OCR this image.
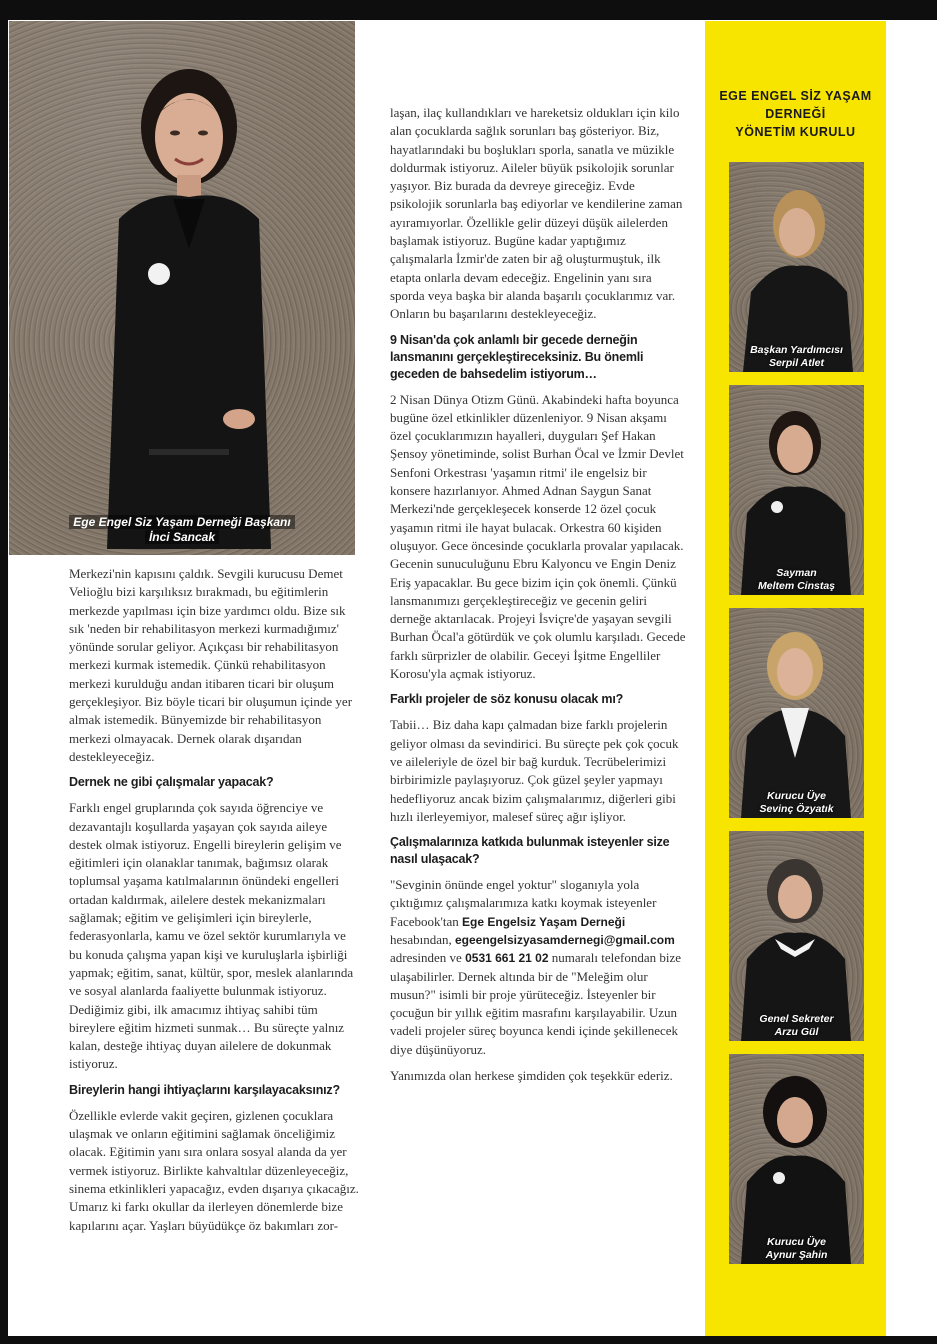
Ege Engel Siz Yaşam Derneği Başkanı
İnci Sancak

Merkezi'nin kapısını çaldık. Sevgili kurucusu Demet Velioğlu bizi karşılıksız bırakmadı, bu eğitimlerin merkezde yapılması için bize yardımcı oldu. Bize sık sık 'neden bir rehabilitasyon merkezi kurmadığımız' yönünde sorular geliyor. Açıkçası bir rehabilitasyon merkezi kurmak istemedik. Çünkü rehabilitasyon merkezi kurulduğu andan itibaren ticari bir oluşum gerçekleşiyor. Biz böyle ticari bir oluşumun içinde yer almak istemedik. Bünyemizde bir rehabilitasyon merkezi olmayacak. Dernek olarak dışarıdan destekleyeceğiz.

Dernek ne gibi çalışmalar yapacak?

Farklı engel gruplarında çok sayıda öğrenciye ve dezavantajlı koşullarda yaşayan çok sayıda aileye destek olmak istiyoruz. Engelli bireylerin gelişim ve eğitimleri için olanaklar tanımak, bağımsız olarak toplumsal yaşama katılmalarının önündeki engelleri ortadan kaldırmak, ailelere destek mekanizmaları sağlamak; eğitim ve gelişimleri için bireylerle, federasyonlarla, kamu ve özel sektör kurumlarıyla ve bu konuda çalışma yapan kişi ve kuruluşlarla işbirliği yapmak; eğitim, sanat, kültür, spor, meslek alanlarında ve sosyal alanlarda faaliyette bulunmak istiyoruz. Dediğimiz gibi, ilk amacımız ihtiyaç sahibi tüm bireylere eğitim hizmeti sunmak… Bu süreçte yalnız kalan, desteğe ihtiyaç duyan ailelere de dokunmak istiyoruz.

Bireylerin hangi ihtiyaçlarını karşılayacaksınız?

Özellikle evlerde vakit geçiren, gizlenen çocuklara ulaşmak ve onların eğitimini sağlamak önceliğimiz olacak. Eğitimin yanı sıra onlara sosyal alanda da yer vermek istiyoruz. Birlikte kahvaltılar düzenleyeceğiz, sinema etkinlikleri yapacağız, evden dışarıya çıkacağız. Umarız ki farkı okullar da ilerleyen dönemlerde bize kapılarını açar. Yaşları büyüdükçe öz bakımları zor-

laşan, ilaç kullandıkları ve hareketsiz oldukları için kilo alan çocuklarda sağlık sorunları baş gösteriyor. Biz, hayatlarındaki bu boşlukları sporla, sanatla ve müzikle doldurmak istiyoruz. Aileler büyük psikolojik sorunlar yaşıyor. Biz burada da devreye gireceğiz. Evde psikolojik sorunlarla baş ediyorlar ve kendilerine zaman ayıramıyorlar. Özellikle gelir düzeyi düşük ailelerden başlamak istiyoruz. Bugüne kadar yaptığımız çalışmalarla İzmir'de zaten bir ağ oluşturmuştuk, ilk etapta onlarla devam edeceğiz. Engelinin yanı sıra sporda veya başka bir alanda başarılı çocuklarımız var. Onların bu başarılarını destekleyeceğiz.

9 Nisan'da çok anlamlı bir gecede derneğin lansmanını gerçekleştireceksiniz. Bu önemli geceden de bahsedelim istiyorum…

2 Nisan Dünya Otizm Günü. Akabindeki hafta boyunca bugüne özel etkinlikler düzenleniyor. 9 Nisan akşamı özel çocuklarımızın hayalleri, duyguları Şef Hakan Şensoy yönetiminde, solist Burhan Öcal ve İzmir Devlet Senfoni Orkestrası 'yaşamın ritmi' ile engelsiz bir konsere hazırlanıyor. Ahmed Adnan Saygun Sanat Merkezi'nde gerçekleşecek konserde 12 özel çocuk yaşamın ritmi ile hayat bulacak. Orkestra 60 kişiden oluşuyor. Gece öncesinde çocuklarla provalar yapılacak. Gecenin sunuculuğunu Ebru Kalyoncu ve Engin Deniz Eriş yapacaklar. Bu gece bizim için çok önemli. Çünkü lansmanımızı gerçekleştireceğiz ve gecenin geliri derneğe aktarılacak. Projeyi İsviçre'de yaşayan sevgili Burhan Öcal'a götürdük ve çok olumlu karşıladı. Gecede farklı sürprizler de olabilir. Geceyi İşitme Engelliler Korosu'yla açmak istiyoruz.

Farklı projeler de söz konusu olacak mı?

Tabii… Biz daha kapı çalmadan bize farklı projelerin geliyor olması da sevindirici. Bu süreçte pek çok çocuk ve aileleriyle de özel bir bağ kurduk. Tecrübelerimizi birbirimizle paylaşıyoruz. Çok güzel şeyler yapmayı hedefliyoruz ancak bizim çalışmalarımız, diğerleri gibi hızlı ilerleyemiyor, malesef süreç ağır işliyor.

Çalışmalarınıza katkıda bulunmak isteyenler size nasıl ulaşacak?

"Sevginin önünde engel yoktur" sloganıyla yola çıktığımız çalışmalarımıza katkı koymak isteyenler Facebook'tan Ege Engelsiz Yaşam Derneği hesabından, egeengelsizyasamdernegi@gmail.com adresinden ve 0531 661 21 02 numaralı telefondan bize ulaşabilirler. Dernek altında bir de "Meleğim olur musun?" isimli bir proje yürüteceğiz. İsteyenler bir çocuğun bir yıllık eğitim masrafını karşılayabilir. Uzun vadeli projeler süreç boyunca kendi içinde şekillenecek diye düşünüyoruz.

Yanımızda olan herkese şimdiden çok teşekkür ederiz.

EGE ENGEL SİZ YAŞAM
DERNEĞİ
YÖNETİM KURULU
Başkan Yardımcısı
Serpil Atlet
Sayman
Meltem Cinstaş
Kurucu Üye
Sevinç Özyatık
Genel Sekreter
Arzu Gül
Kurucu Üye
Aynur Şahin
